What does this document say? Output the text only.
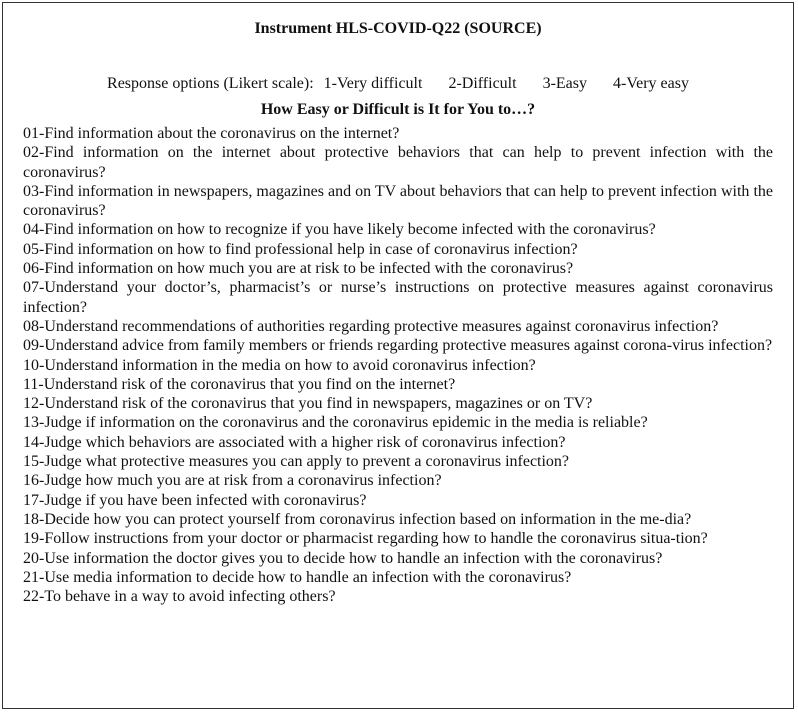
Instrument HLS-COVID-Q22 (SOURCE)
Response options (Likert scale): 1-Very difficult 2-Difficult 3-Easy 4-Very easy
How Easy or Difficult is It for You to…?
01-Find information about the coronavirus on the internet?
02-Find information on the internet about protective behaviors that can help to prevent infection with the coronavirus?
03-Find information in newspapers, magazines and on TV about behaviors that can help to prevent infection with the coronavirus?
04-Find information on how to recognize if you have likely become infected with the coronavirus?
05-Find information on how to find professional help in case of coronavirus infection?
06-Find information on how much you are at risk to be infected with the coronavirus?
07-Understand your doctor’s, pharmacist’s or nurse’s instructions on protective measures against coronavirus infection?
08-Understand recommendations of authorities regarding protective measures against coronavirus infection?
09-Understand advice from family members or friends regarding protective measures against corona-virus infection?
10-Understand information in the media on how to avoid coronavirus infection?
11-Understand risk of the coronavirus that you find on the internet?
12-Understand risk of the coronavirus that you find in newspapers, magazines or on TV?
13-Judge if information on the coronavirus and the coronavirus epidemic in the media is reliable?
14-Judge which behaviors are associated with a higher risk of coronavirus infection?
15-Judge what protective measures you can apply to prevent a coronavirus infection?
16-Judge how much you are at risk from a coronavirus infection?
17-Judge if you have been infected with coronavirus?
18-Decide how you can protect yourself from coronavirus infection based on information in the me-dia?
19-Follow instructions from your doctor or pharmacist regarding how to handle the coronavirus situa-tion?
20-Use information the doctor gives you to decide how to handle an infection with the coronavirus?
21-Use media information to decide how to handle an infection with the coronavirus?
22-To behave in a way to avoid infecting others?
